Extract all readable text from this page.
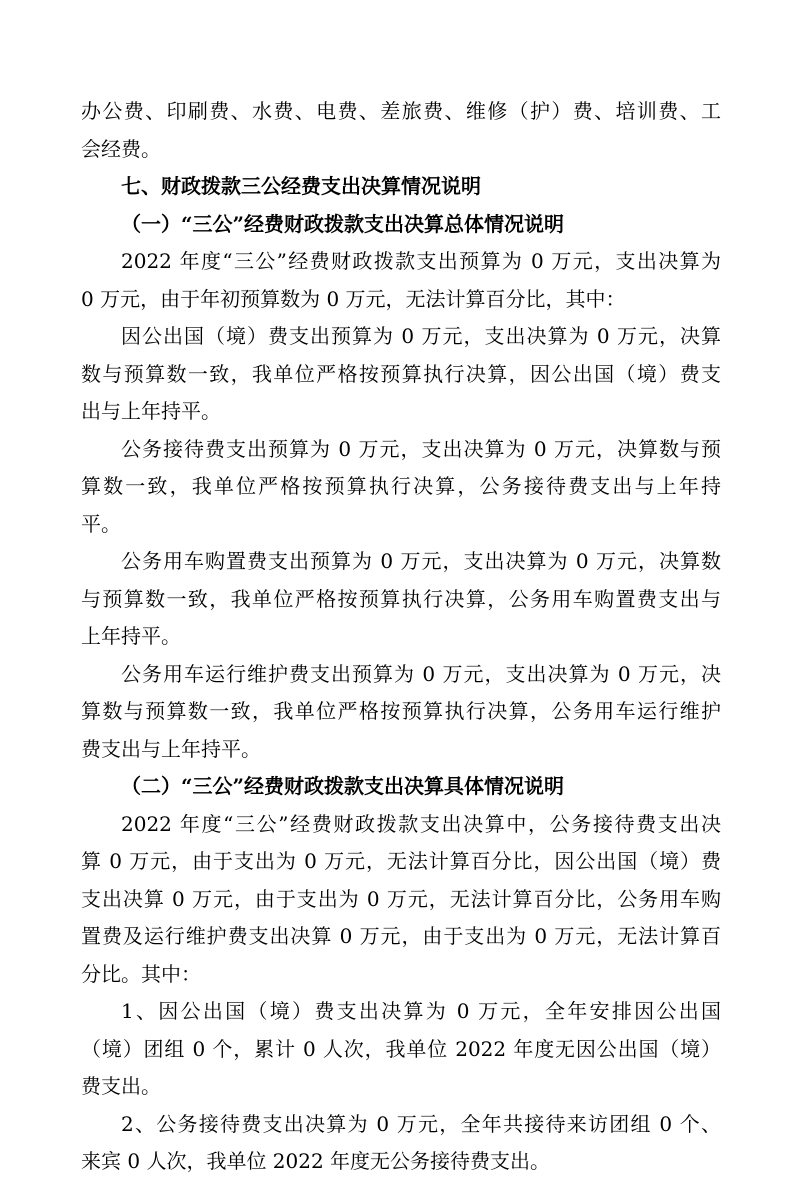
办公费、印刷费、水费、电费、差旅费、维修（护）费、培训费、工
会经费。
七、财政拨款三公经费支出决算情况说明
（一）“三公”经费财政拨款支出决算总体情况说明
2022 年度“三公”经费财政拨款支出预算为 0 万元，支出决算为
0 万元，由于年初预算数为 0 万元，无法计算百分比，其中：
因公出国（境）费支出预算为 0 万元，支出决算为 0 万元，决算
数与预算数一致，我单位严格按预算执行决算，因公出国（境）费支
出与上年持平。
公务接待费支出预算为 0 万元，支出决算为 0 万元，决算数与预
算数一致，我单位严格按预算执行决算，公务接待费支出与上年持
平。
公务用车购置费支出预算为 0 万元，支出决算为 0 万元，决算数
与预算数一致，我单位严格按预算执行决算，公务用车购置费支出与
上年持平。
公务用车运行维护费支出预算为 0 万元，支出决算为 0 万元，决
算数与预算数一致，我单位严格按预算执行决算，公务用车运行维护
费支出与上年持平。
（二）“三公”经费财政拨款支出决算具体情况说明
2022 年度“三公”经费财政拨款支出决算中，公务接待费支出决
算 0 万元，由于支出为 0 万元，无法计算百分比，因公出国（境）费
支出决算 0 万元，由于支出为 0 万元，无法计算百分比，公务用车购
置费及运行维护费支出决算 0 万元，由于支出为 0 万元，无法计算百
分比。其中：
1、因公出国（境）费支出决算为 0 万元，全年安排因公出国
（境）团组 0 个，累计 0 人次，我单位 2022 年度无因公出国（境）
费支出。
2、公务接待费支出决算为 0 万元，全年共接待来访团组 0 个、
来宾 0 人次，我单位 2022 年度无公务接待费支出。
